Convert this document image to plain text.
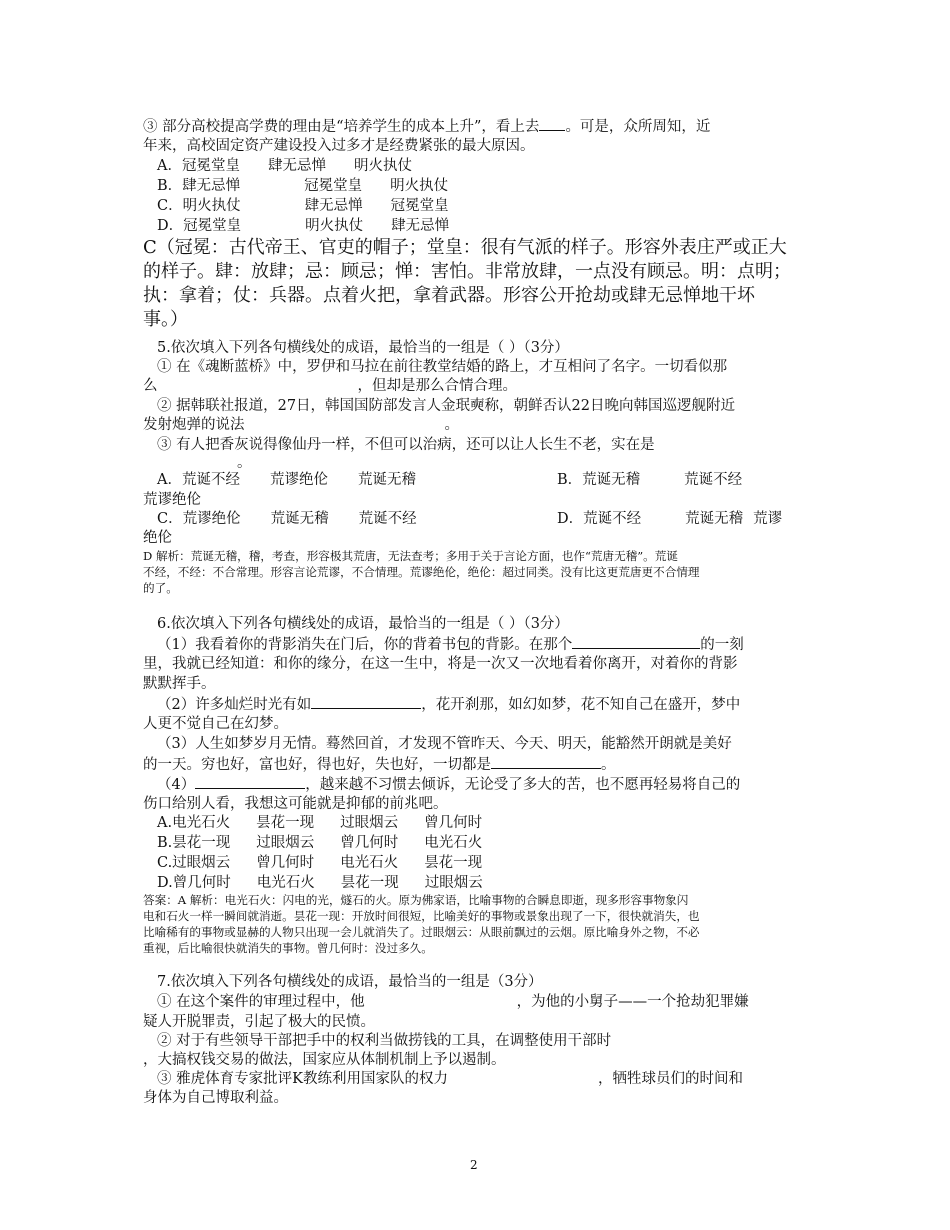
③ 部分高校提高学费的理由是“培养学生的成本上升”，看上去 。可是，众所周知，近
年来，高校固定资产建设投入过多才是经费紧张的最大原因。
A．冠冕堂皇 肆无忌惮 明火执仗
B．肆无忌惮	冠冕堂皇 明火执仗
C．明火执仗	肆无忌惮 冠冕堂皇
D．冠冕堂皇	明火执仗 肆无忌惮
C（冠冕：古代帝王、官吏的帽子；堂皇：很有气派的样子。形容外表庄严或正大
的样子。肆：放肆；忌：顾忌；惮：害怕。非常放肆，一点没有顾忌。明：点明；
执：拿着；仗：兵器。点着火把，拿着武器。形容公开抢劫或肆无忌惮地干坏
事。）
5.依次填入下列各句横线处的成语，最恰当的一组是（ ）（3分）
① 在《魂断蓝桥》中，罗伊和马拉在前往教堂结婚的路上，才互相问了名字。一切看似那
么	，但却是那么合情合理。
② 据韩联社报道，27日，韩国国防部发言人金珉奭称，朝鲜否认22日晚向韩国巡逻舰附近
发射炮弹的说法	。
③ 有人把香灰说得像仙丹一样，不但可以治病，还可以让人长生不老，实在是
。
A．荒诞不经 荒谬绝伦 荒诞无稽	B．荒诞无稽	荒诞不经
荒谬绝伦
C．荒谬绝伦 荒诞无稽 荒诞不经	D．荒诞不经	荒诞无稽 荒谬
绝伦
D 解析：荒诞无稽，稽，考查，形容极其荒唐，无法查考；多用于关于言论方面，也作“荒唐无稽”。荒诞
不经，不经：不合常理。形容言论荒谬，不合情理。荒谬绝伦，绝伦：超过同类。没有比这更荒唐更不合情理
的了。
6.依次填入下列各句横线处的成语，最恰当的一组是（ ）（3分）
（1）我看着你的背影消失在门后，你的背着书包的背影。在那个	的一刻
里，我就已经知道：和你的缘分，在这一生中，将是一次又一次地看着你离开，对着你的背影
默默挥手。
（2）许多灿烂时光有如	，花开刹那，如幻如梦，花不知自己在盛开，梦中
人更不觉自己在幻梦。
（3）人生如梦岁月无情。蓦然回首，才发现不管昨天、今天、明天，能豁然开朗就是美好
的一天。穷也好，富也好，得也好，失也好，一切都是	。
（4）	，越来越不习惯去倾诉，无论受了多大的苦，也不愿再轻易将自己的
伤口给别人看，我想这可能就是抑郁的前兆吧。
A.电光石火 昙花一现 过眼烟云 曾几何时
B.昙花一现 过眼烟云 曾几何时 电光石火
C.过眼烟云 曾几何时 电光石火 昙花一现
D.曾几何时 电光石火 昙花一现 过眼烟云
答案：A 解析：电光石火：闪电的光，燧石的火。原为佛家语，比喻事物的合瞬息即逝，现多形容事物象闪
电和石火一样一瞬间就消逝。昙花一现：开放时间很短，比喻美好的事物或景象出现了一下，很快就消失，也
比喻稀有的事物或显赫的人物只出现一会儿就消失了。过眼烟云：从眼前飘过的云烟。原比喻身外之物，不必
重视，后比喻很快就消失的事物。曾几何时：没过多久。
7.依次填入下列各句横线处的成语，最恰当的一组是（3分）
① 在这个案件的审理过程中，他	，为他的小舅子——一个抢劫犯罪嫌
疑人开脱罪责，引起了极大的民愤。
② 对于有些领导干部把手中的权利当做捞钱的工具，在调整使用干部时
，大搞权钱交易的做法，国家应从体制机制上予以遏制。
③ 雅虎体育专家批评K教练利用国家队的权力	，牺牲球员们的时间和
身体为自己博取利益。
2
